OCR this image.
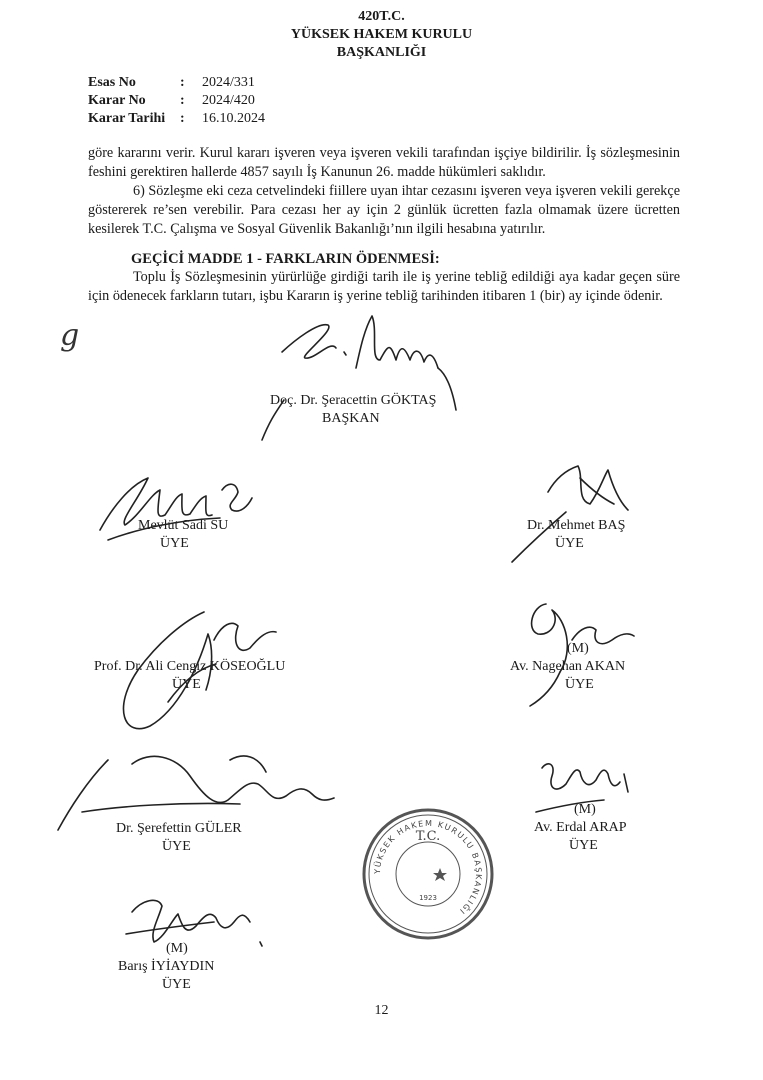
420T.C.
YÜKSEK HAKEM KURULU
BAŞKANLIĞI
Esas No	: 2024/331
Karar No : 2024/420
Karar Tarihi : 16.10.2024
göre kararını verir. Kurul kararı işveren veya işveren vekili tarafından işçiye bildirilir. İş sözleşmesinin feshini gerektiren hallerde 4857 sayılı İş Kanunun 26. madde hükümleri saklıdır.
6) Sözleşme eki ceza cetvelindeki fiillere uyan ihtar cezasını işveren veya işveren vekili gerekçe göstererek re’sen verebilir. Para cezası her ay için 2 günlük ücretten fazla olmamak üzere ücretten kesilerek T.C. Çalışma ve Sosyal Güvenlik Bakanlığı’nın ilgili hesabına yatırılır.
GEÇİCİ MADDE 1 - FARKLARIN ÖDENMESİ:
Toplu İş Sözleşmesinin yürürlüğe girdiği tarih ile iş yerine tebliğ edildiği aya kadar geçen süre için ödenecek farkların tutarı, işbu Kararın iş yerine tebliğ tarihinden itibaren 1 (bir) ay içinde ödenir.
g
Doç. Dr. Şeracettin GÖKTAŞ
BAŞKAN
Mevlüt Sadi SU
ÜYE
Dr. Mehmet BAŞ
ÜYE
Prof. Dr. Ali Cengiz KÖSEOĞLU
ÜYE
(M)
Av. Nagehan AKAN
ÜYE
Dr. Şerefettin GÜLER
ÜYE
(M)
Av. Erdal ARAP
ÜYE
(M)
Barış İYİAYDIN
ÜYE
YÜKSEK HAKEM KURULU BAŞKANLIĞI
T.C.
1923
12
